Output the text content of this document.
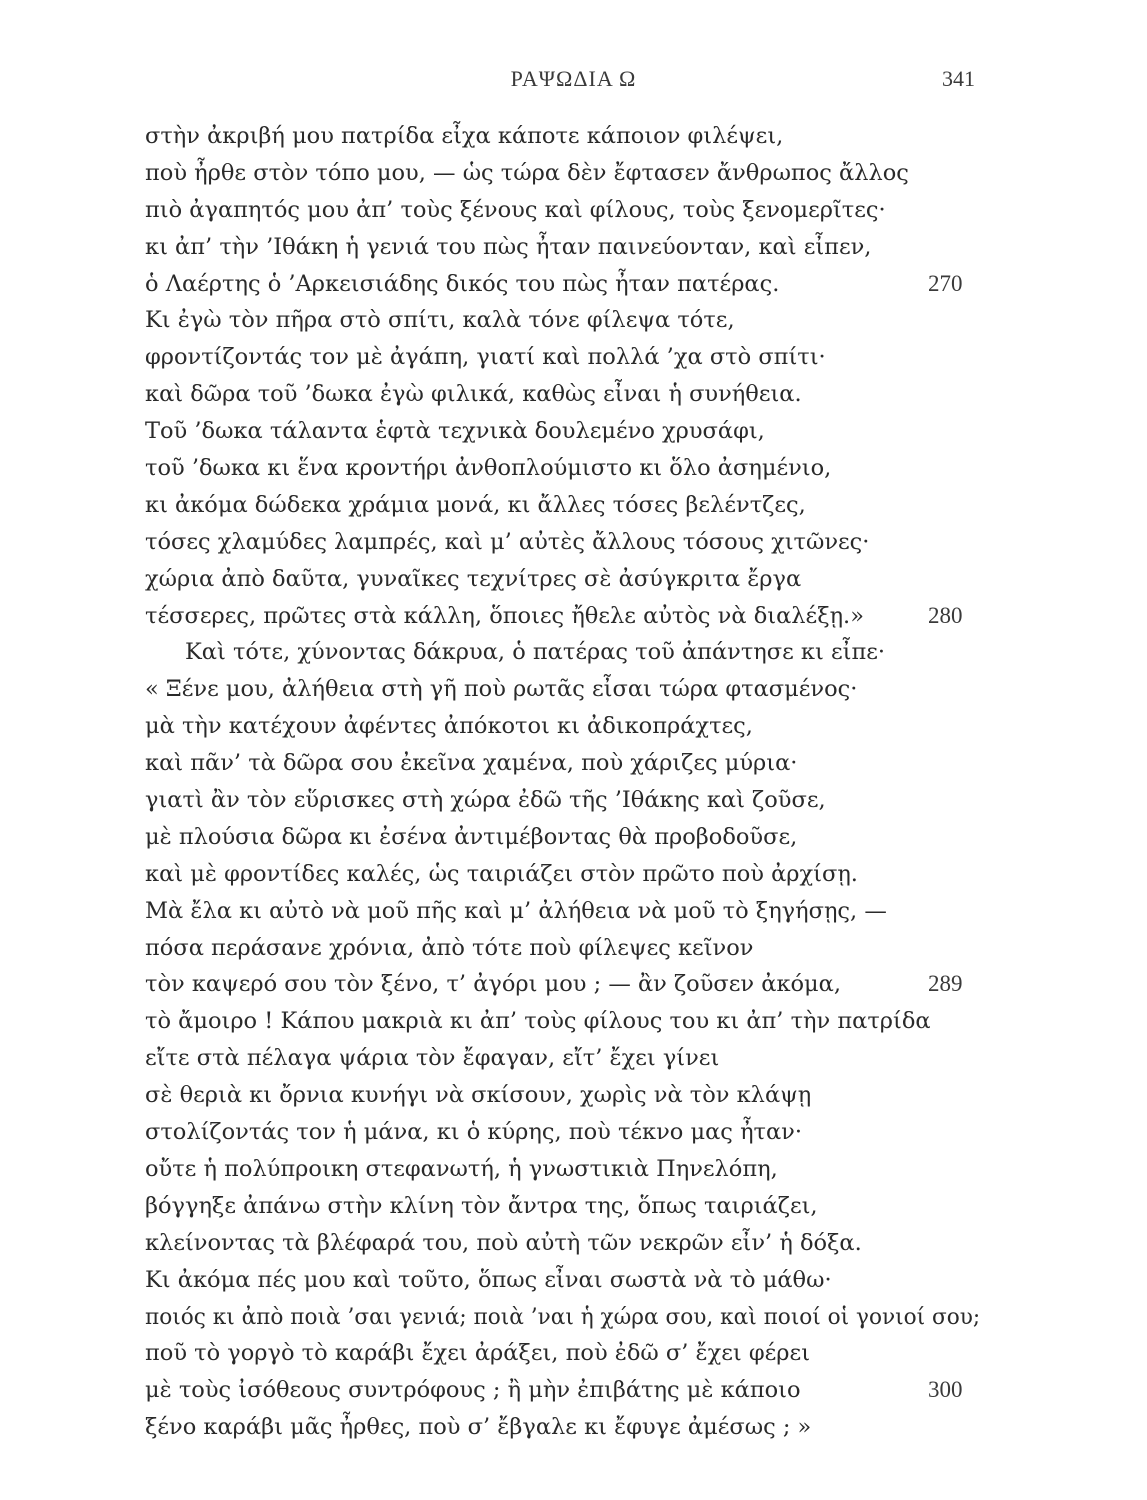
ΡΑΨΩΔΙΑ Ω	341
στὴν ἀκριβή μου πατρίδα εἶχα κάποτε κάποιον φιλέψει,
ποὺ ἦρθε στὸν τόπο μου, — ὡς τώρα δὲν ἔφτασεν ἄνθρωπος ἄλλος
πιὸ ἀγαπητός μου ἀπ’ τοὺς ξένους καὶ φίλους, τοὺς ξενομερῖτες·
κι ἀπ’ τὴν ’Ιθάκη ἡ γενιά του πὼς ἦταν παινεύονταν, καὶ εἶπεν,
ὁ Λαέρτης ὁ ’Αρκεισιάδης δικός του πὼς ἦταν πατέρας.	270
Κι ἐγὼ τὸν πῆρα στὸ σπίτι, καλὰ τόνε φίλεψα τότε,
φροντίζοντάς τον μὲ ἀγάπη, γιατί καὶ πολλά ’χα στὸ σπίτι·
καὶ δῶρα τοῦ ’δωκα ἐγὼ φιλικά, καθὼς εἶναι ἡ συνήθεια.
Τοῦ ’δωκα τάλαντα ἑφτὰ τεχνικὰ δουλεμένο χρυσάφι,
τοῦ ’δωκα κι ἕνα κροντήρι ἀνθοπλούμιστο κι ὅλο ἀσημένιο,
κι ἀκόμα δώδεκα χράμια μονά, κι ἄλλες τόσες βελέντζες,
τόσες χλαμύδες λαμπρές, καὶ μ’ αὐτὲς ἄλλους τόσους χιτῶνες·
χώρια ἀπὸ δαῦτα, γυναῖκες τεχνίτρες σὲ ἀσύγκριτα ἔργα
τέσσερες, πρῶτες στὰ κάλλη, ὅποιες ἤθελε αὐτὸς νὰ διαλέξῃ.»	280
Καὶ τότε, χύνοντας δάκρυα, ὁ πατέρας τοῦ ἀπάντησε κι εἶπε·
« Ξένε μου, ἀλήθεια στὴ γῆ ποὺ ρωτᾶς εἶσαι τώρα φτασμένος·
μὰ τὴν κατέχουν ἀφέντες ἀπόκοτοι κι ἀδικοπράχτες,
καὶ πᾶν’ τὰ δῶρα σου ἐκεῖνα χαμένα, ποὺ χάριζες μύρια·
γιατὶ ἂν τὸν εὕρισκες στὴ χώρα ἐδῶ τῆς ’Ιθάκης καὶ ζοῦσε,
μὲ πλούσια δῶρα κι ἐσένα ἀντιμέβοντας θὰ προβοδοῦσε,
καὶ μὲ φροντίδες καλές, ὡς ταιριάζει στὸν πρῶτο ποὺ ἀρχίσῃ.
Μὰ ἔλα κι αὐτὸ νὰ μοῦ πῆς καὶ μ’ ἀλήθεια νὰ μοῦ τὸ ξηγήσῃς, —
πόσα περάσανε χρόνια, ἀπὸ τότε ποὺ φίλεψες κεῖνον
τὸν καψερό σου τὸν ξένο, τ’ ἀγόρι μου ; — ἂν ζοῦσεν ἀκόμα,	289
τὸ ἄμοιρο ! Κάπου μακριὰ κι ἀπ’ τοὺς φίλους του κι ἀπ’ τὴν πατρίδα
εἴτε στὰ πέλαγα ψάρια τὸν ἔφαγαν, εἴτ’ ἔχει γίνει
σὲ θεριὰ κι ὄρνια κυνήγι νὰ σκίσουν, χωρὶς νὰ τὸν κλάψῃ
στολίζοντάς τον ἡ μάνα, κι ὁ κύρης, ποὺ τέκνο μας ἦταν·
οὔτε ἡ πολύπροικη στεφανωτή, ἡ γνωστικιὰ Πηνελόπη,
βόγγηξε ἀπάνω στὴν κλίνη τὸν ἄντρα της, ὅπως ταιριάζει,
κλείνοντας τὰ βλέφαρά του, ποὺ αὐτὴ τῶν νεκρῶν εἶν’ ἡ δόξα.
Κι ἀκόμα πές μου καὶ τοῦτο, ὅπως εἶναι σωστὰ νὰ τὸ μάθω·
ποιός κι ἀπὸ ποιὰ ’σαι γενιά; ποιὰ ’ναι ἡ χώρα σου, καὶ ποιοί οἱ γονιοί σου;
ποῦ τὸ γοργὸ τὸ καράβι ἔχει ἀράξει, ποὺ ἐδῶ σ’ ἔχει φέρει
μὲ τοὺς ἰσόθεους συντρόφους ; ἢ μὴν ἐπιβάτης μὲ κάποιο	300
ξένο καράβι μᾶς ἦρθες, ποὺ σ’ ἔβγαλε κι ἔφυγε ἀμέσως ; »
